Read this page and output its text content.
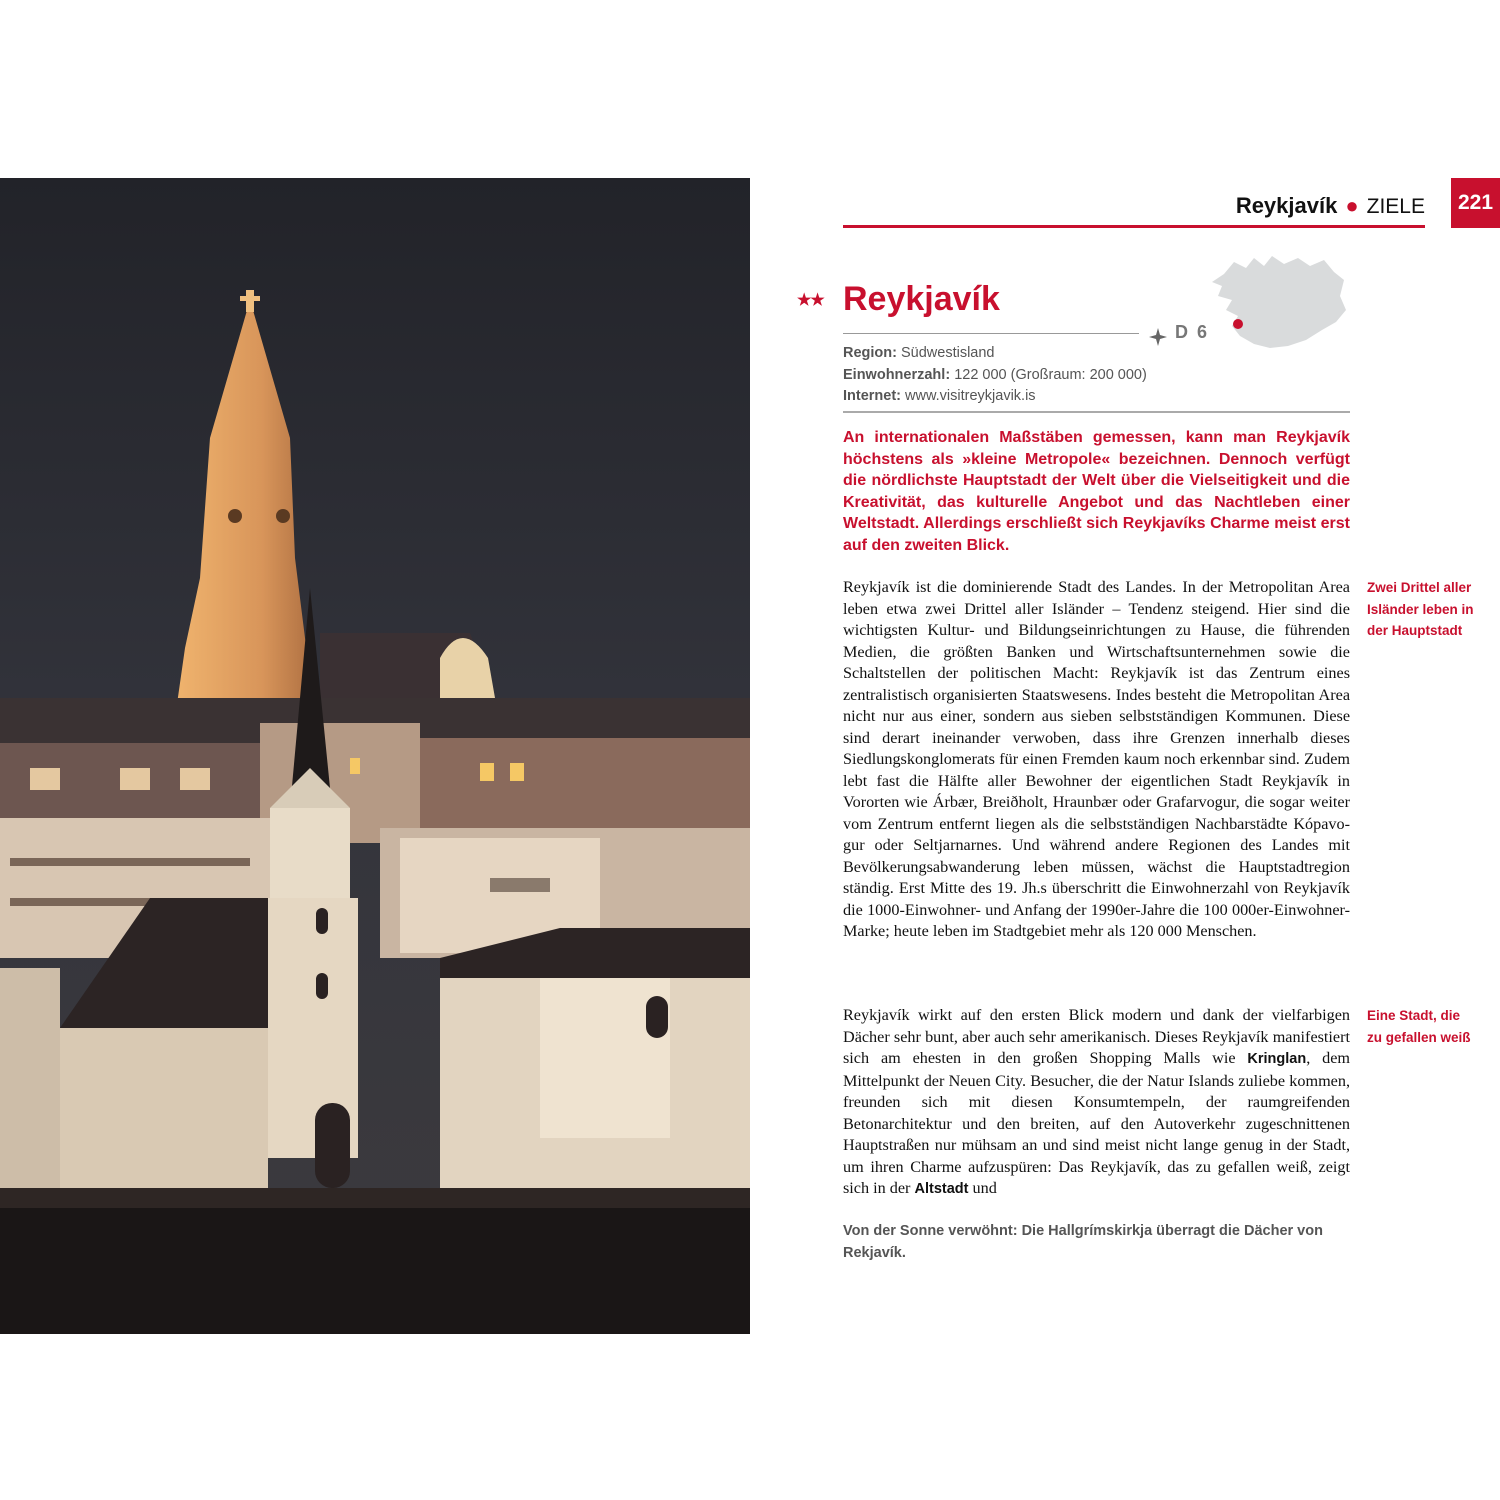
Reykjavík ● ZIELE	221
★★ Reykjavík
D 6
Region: Südwestisland
Einwohnerzahl: 122 000 (Großraum: 200 000)
Internet: www.visitreykjavik.is

An internationalen Maßstäben gemessen, kann man Reykjavík höchstens als »kleine Metropole« bezeichnen. Dennoch verfügt die nördlichste Hauptstadt der Welt über die Vielseitigkeit und die Kreativität, das kulturelle Angebot und das Nachtleben einer Weltstadt. Allerdings erschließt sich Reykjavíks Charme meist erst auf den zweiten Blick.

Reykjavík ist die dominierende Stadt des Landes. In der Metropolitan Area leben etwa zwei Drittel aller Isländer – Tendenz steigend. Hier sind die wichtigsten Kultur- und Bildungseinrichtungen zu Hause, die führenden Medien, die größten Banken und Wirtschaftsunternehmen sowie die Schaltstellen der politischen Macht: Reykjavík ist das Zentrum eines zentralistisch organisierten Staatswesens. Indes besteht die Metropolitan Area nicht nur aus einer, sondern aus sieben selbstständigen Kommunen. Diese sind derart ineinander verwoben, dass ihre Grenzen innerhalb dieses Siedlungskonglomerats für einen Fremden kaum noch erkennbar sind. Zudem lebt fast die Hälfte aller Bewohner der eigentlichen Stadt Reykjavík in Vororten wie Árbær, Breiðholt, Hraunbær oder Grafarvogur, die sogar weiter vom Zentrum entfernt liegen als die selbstständigen Nachbarstädte Kópavogur oder Seltjarnarnes. Und während andere Regionen des Landes mit Bevölkerungsabwanderung leben müssen, wächst die Hauptstadtregion ständig. Erst Mitte des 19. Jh.s überschritt die Einwohnerzahl von Reykjavík die 1000-Einwohner- und Anfang der 1990er-Jahre die 100 000er-Einwohner-Marke; heute leben im Stadtgebiet mehr als 120 000 Menschen.

Reykjavík wirkt auf den ersten Blick modern und dank der vielfarbigen Dächer sehr bunt, aber auch sehr amerikanisch. Dieses Reykjavík manifestiert sich am ehesten in den großen Shopping Malls wie Kringlan, dem Mittelpunkt der Neuen City. Besucher, die der Natur Islands zuliebe kommen, freunden sich mit diesen Konsumtempeln, der raumgreifenden Betonarchitektur und den breiten, auf den Autoverkehr zugeschnittenen Hauptstraßen nur mühsam an und sind meist nicht lange genug in der Stadt, um ihren Charme aufzuspüren: Das Reykjavík, das zu gefallen weiß, zeigt sich in der Altstadt und

Zwei Drittel aller Isländer leben in der Hauptstadt

Eine Stadt, die zu gefallen weiß

Von der Sonne verwöhnt: Die Hallgrímskirkja überragt die Dächer von Rekjavík.
